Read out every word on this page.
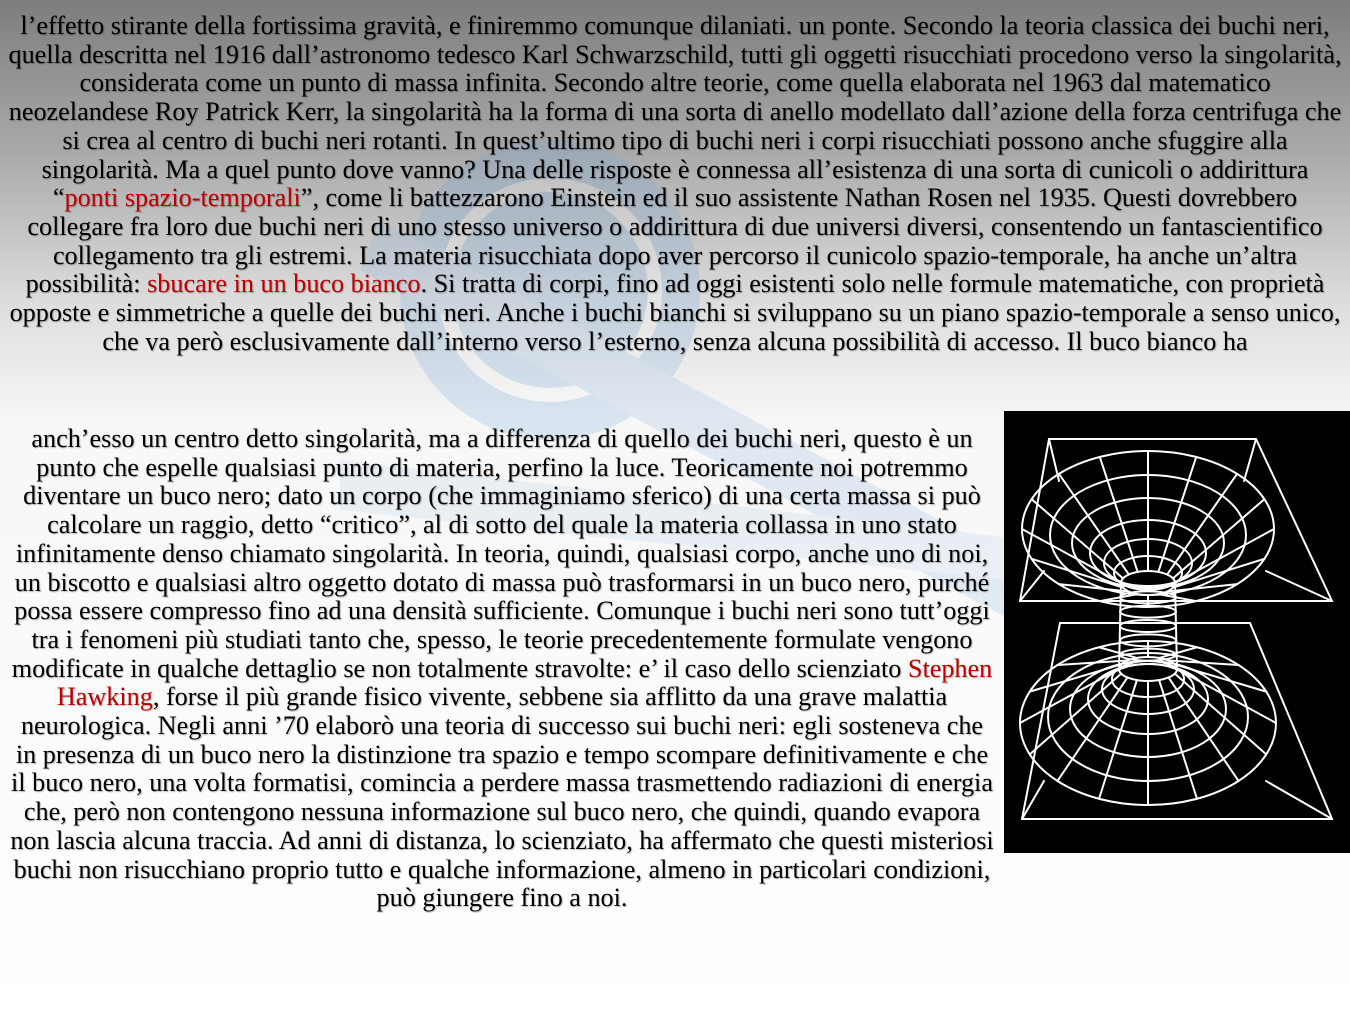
l’effetto stirante della fortissima gravità, e finiremmo comunque dilaniati. un ponte. Secondo la teoria classica dei buchi neri, quella descritta nel 1916 dall’astronomo tedesco Karl Schwarzschild, tutti gli oggetti risucchiati procedono verso la singolarità, considerata come un punto di massa infinita. Secondo altre teorie, come quella elaborata nel 1963 dal matematico neozelandese Roy Patrick Kerr, la singolarità ha la forma di una sorta di anello modellato dall’azione della forza centrifuga che si crea al centro di buchi neri rotanti. In quest’ultimo tipo di buchi neri i corpi risucchiati possono anche sfuggire alla singolarità. Ma a quel punto dove vanno? Una delle risposte è connessa all’esistenza di una sorta di cunicoli o addirittura “ponti spazio-temporali”, come li battezzarono Einstein ed il suo assistente Nathan Rosen nel 1935. Questi dovrebbero collegare fra loro due buchi neri di uno stesso universo o addirittura di due universi diversi, consentendo un fantascientifico collegamento tra gli estremi. La materia risucchiata dopo aver percorso il cunicolo spazio-temporale, ha anche un’altra possibilità: sbucare in un buco bianco. Si tratta di corpi, fino ad oggi esistenti solo nelle formule matematiche, con proprietà opposte e simmetriche a quelle dei buchi neri. Anche i buchi bianchi si sviluppano su un piano spazio-temporale a senso unico, che va però esclusivamente dall’interno verso l’esterno, senza alcuna possibilità di accesso. Il buco bianco ha

anch’esso un centro detto singolarità, ma a differenza di quello dei buchi neri, questo è un punto che espelle qualsiasi punto di materia, perfino la luce. Teoricamente noi potremmo diventare un buco nero; dato un corpo (che immaginiamo sferico) di una certa massa si può calcolare un raggio, detto “critico”, al di sotto del quale la materia collassa in uno stato infinitamente denso chiamato singolarità. In teoria, quindi, qualsiasi corpo, anche uno di noi, un biscotto e qualsiasi altro oggetto dotato di massa può trasformarsi in un buco nero, purché possa essere compresso fino ad una densità sufficiente. Comunque i buchi neri sono tutt’oggi tra i fenomeni più studiati tanto che, spesso, le teorie precedentemente formulate vengono modificate in qualche dettaglio se non totalmente stravolte: e’ il caso dello scienziato Stephen Hawking, forse il più grande fisico vivente, sebbene sia afflitto da una grave malattia neurologica. Negli anni ’70 elaborò una teoria di successo sui buchi neri: egli sosteneva che in presenza di un buco nero la distinzione tra spazio e tempo scompare definitivamente e che il buco nero, una volta formatisi, comincia a perdere massa trasmettendo radiazioni di energia che, però non contengono nessuna informazione sul buco nero, che quindi, quando evapora non lascia alcuna traccia. Ad anni di distanza, lo scienziato, ha affermato che questi misteriosi buchi non risucchiano proprio tutto e qualche informazione, almeno in particolari condizioni, può giungere fino a noi.
